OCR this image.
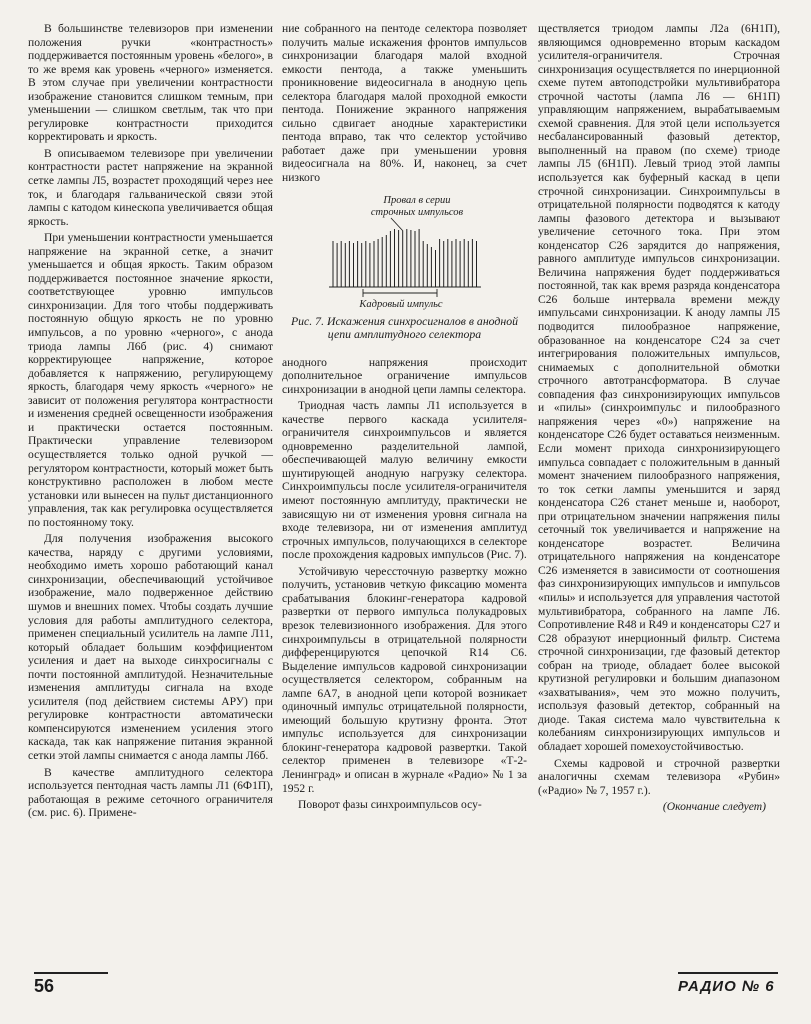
В большинстве телевизоров при изменении положения ручки «контрастность» поддерживается постоянным уровень «белого», в то же время как уровень «черного» изменяется. В этом случае при увеличении контрастности изображение становится слишком темным, при уменьшении — слишком светлым, так что при регулировке контрастности приходится корректировать и яркость.

В описываемом телевизоре при увеличении контрастности растет напряжение на экранной сетке лампы Л5, возрастет проходящий через нее ток, и благодаря гальванической связи этой лампы с катодом кинескопа увеличивается общая яркость.

При уменьшении контрастности уменьшается напряжение на экранной сетке, а значит уменьшается и общая яркость. Таким образом поддерживается постоянное значение яркости, соответствующее уровню импульсов синхронизации. Для того чтобы поддерживать постоянную общую яркость не по уровню импульсов, а по уровню «черного», с анода триода лампы Л6б (рис. 4) снимают корректирующее напряжение, которое добавляется к напряжению, регулирующему яркость, благодаря чему яркость «черного» не зависит от положения регулятора контрастности и изменения средней освещенности изображения и практически остается постоянным. Практически управление телевизором осуществляется только одной ручкой — регулятором контрастности, который может быть конструктивно расположен в любом месте установки или вынесен на пульт дистанционного управления, так как регулировка осуществляется по постоянному току.

Для получения изображения высокого качества, наряду с другими условиями, необходимо иметь хорошо работающий канал синхронизации, обеспечивающий устойчивое изображение, мало подверженное действию шумов и внешних помех. Чтобы создать лучшие условия для работы амплитудного селектора, применен специальный усилитель на лампе Л11, который обладает большим коэффициентом усиления и дает на выходе синхросигналы с почти постоянной амплитудой. Незначительные изменения амплитуды сигнала на входе усилителя (под действием системы АРУ) при регулировке контрастности автоматически компенсируются изменением усиления этого каскада, так как напряжение питания экранной сетки этой лампы снимается с анода лампы Л6б.

В качестве амплитудного селектора используется пентодная часть лампы Л1 (6Ф1П), работающая в режиме сеточного ограничителя (см. рис. 6). Примене-

ние собранного на пентоде селектора позволяет получить малые искажения фронтов импульсов синхронизации благодаря малой входной емкости пентода, а также уменьшить проникновение видеосигнала в анодную цепь селектора благодаря малой проходной емкости пентода. Понижение экранного напряжения сильно сдвигает анодные характеристики пентода вправо, так что селектор устойчиво работает даже при уменьшении уровня видеосигнала на 80%. И, наконец, за счет низкого

Провал в серии
строчных импульсов
Кадровый импульс
Рис. 7. Искажения синхросигналов в анодной цепи амплитудного селектора

анодного напряжения происходит дополнительное ограничение импульсов синхронизации в анодной цепи лампы селектора.

Триодная часть лампы Л1 используется в качестве первого каскада усилителя-ограничителя синхроимпульсов и является одновременно разделительной лампой, обеспечивающей малую величину емкости шунтирующей анодную нагрузку селектора. Синхроимпульсы после усилителя-ограничителя имеют постоянную амплитуду, практически не зависящую ни от изменения уровня сигнала на входе телевизора, ни от изменения амплитуд строчных импульсов, получающихся в селекторе после прохождения кадровых импульсов (Рис. 7).

Устойчивую черессточную развертку можно получить, установив четкую фиксацию момента срабатывания блокинг-генератора кадровой развертки от первого импульса полукадровых врезок телевизионного изображения. Для этого синхроимпульсы в отрицательной полярности дифференцируются цепочкой R14 C6. Выделение импульсов кадровой синхронизации осуществляется селектором, собранным на лампе 6А7, в анодной цепи которой возникает одиночный импульс отрицательной полярности, имеющий большую крутизну фронта. Этот импульс используется для синхронизации блокинг-генератора кадровой развертки. Такой селектор применен в телевизоре «Т-2-Ленинград» и описан в журнале «Радио» № 1 за 1952 г.

Поворот фазы синхроимпульсов осу-

ществляется триодом лампы Л2а (6Н1П), являющимся одновременно вторым каскадом усилителя-ограничителя. Строчная синхронизация осуществляется по инерционной схеме путем автоподстройки мультивибратора строчной частоты (лампа Л6 — 6Н1П) управляющим напряжением, вырабатываемым схемой сравнения. Для этой цели используется несбалансированный фазовый детектор, выполненный на правом (по схеме) триоде лампы Л5 (6Н1П). Левый триод этой лампы используется как буферный каскад в цепи строчной синхронизации. Синхроимпульсы в отрицательной полярности подводятся к катоду лампы фазового детектора и вызывают увеличение сеточного тока. При этом конденсатор C26 зарядится до напряжения, равного амплитуде импульсов синхронизации. Величина напряжения будет поддерживаться постоянной, так как время разряда конденсатора C26 больше интервала времени между импульсами синхронизации. К аноду лампы Л5 подводится пилообразное напряжение, образованное на конденсаторе C24 за счет интегрирования положительных импульсов, снимаемых с дополнительной обмотки строчного автотрансформатора. В случае совпадения фаз синхронизирующих импульсов и «пилы» (синхроимпульс и пилообразного напряжения через «0») напряжение на конденсаторе C26 будет оставаться неизменным. Если момент прихода синхронизирующего импульса совпадает с положительным в данный момент значением пилообразного напряжения, то ток сетки лампы уменьшится и заряд конденсатора C26 станет меньше и, наоборот, при отрицательном значении напряжения пилы сеточный ток увеличивается и напряжение на конденсаторе возрастет. Величина отрицательного напряжения на конденсаторе C26 изменяется в зависимости от соотношения фаз синхронизирующих импульсов и импульсов «пилы» и используется для управления частотой мультивибратора, собранного на лампе Л6. Сопротивление R48 и R49 и конденсаторы C27 и C28 образуют инерционный фильтр. Система строчной синхронизации, где фазовый детектор собран на триоде, обладает более высокой крутизной регулировки и большим диапазоном «захватывания», чем это можно получить, используя фазовый детектор, собранный на диоде. Такая система мало чувствительна к колебаниям синхронизирующих импульсов и обладает хорошей помехоустойчивостью.

Схемы кадровой и строчной развертки аналогичны схемам телевизора «Рубин» («Радио» № 7, 1957 г.).

(Окончание следует)

56	РАДИО № 6
